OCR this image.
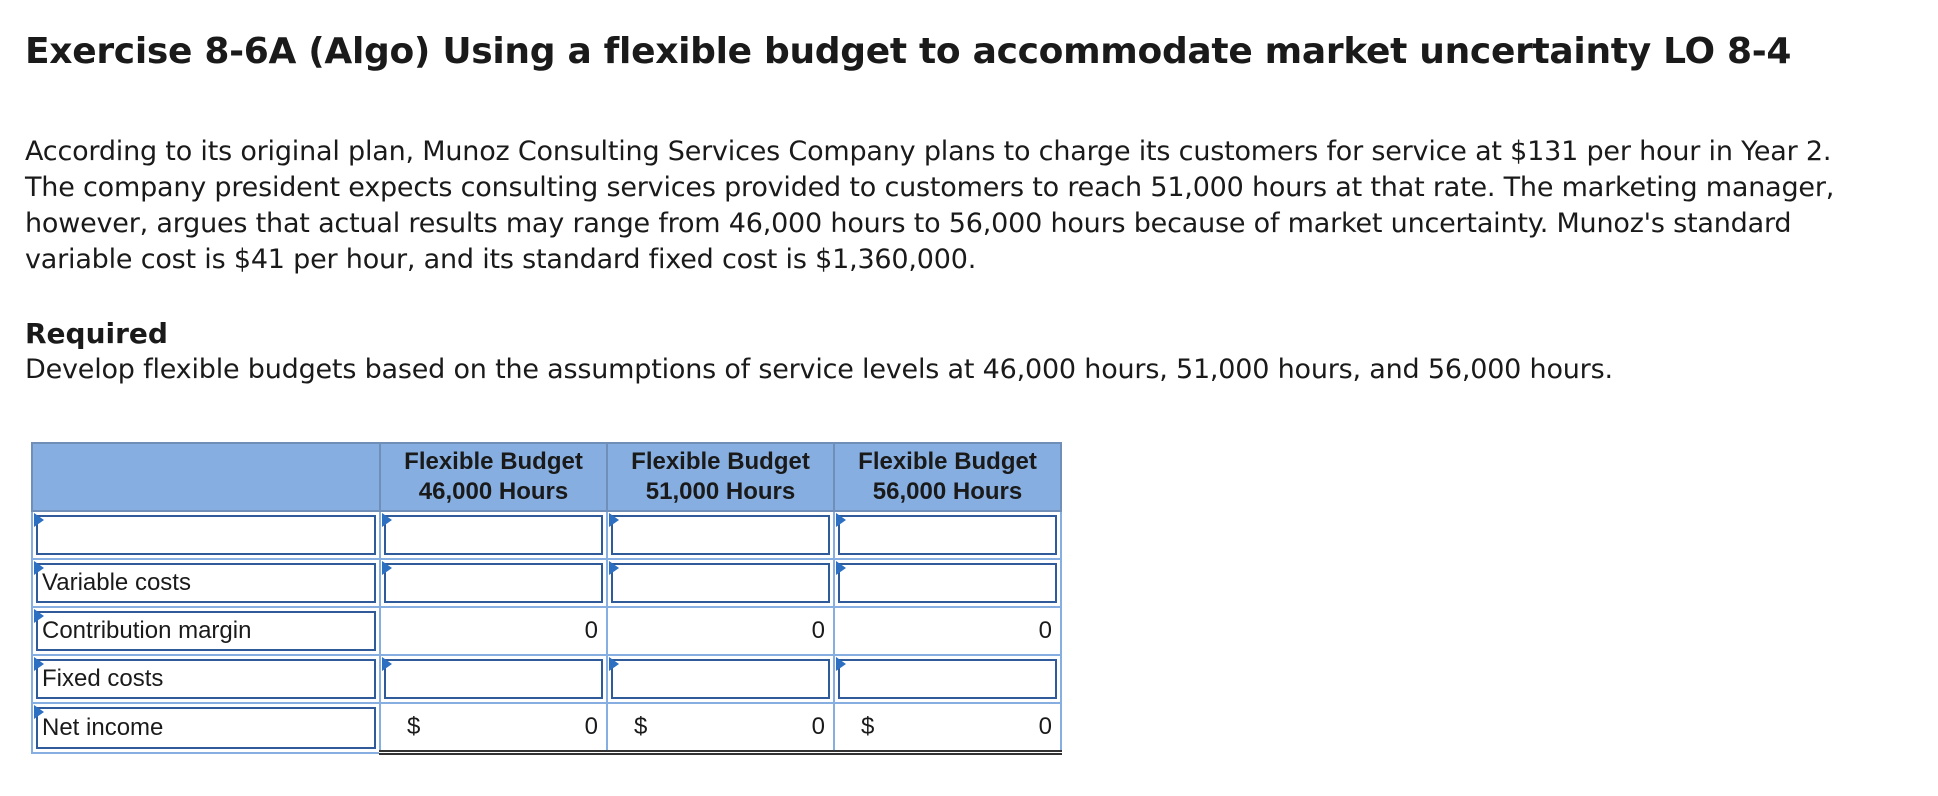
Exercise 8-6A (Algo) Using a flexible budget to accommodate market uncertainty LO 8-4

According to its original plan, Munoz Consulting Services Company plans to charge its customers for service at $131 per hour in Year 2.
The company president expects consulting services provided to customers to reach 51,000 hours at that rate. The marketing manager,
however, argues that actual results may range from 46,000 hours to 56,000 hours because of market uncertainty. Munoz's standard
variable cost is $41 per hour, and its standard fixed cost is $1,360,000.

Required

Develop flexible budgets based on the assumptions of service levels at 46,000 hours, 51,000 hours, and 56,000 hours.

	Flexible Budget
46,000 Hours	Flexible Budget
51,000 Hours	Flexible Budget
56,000 Hours

Variable costs			

Contribution margin	0	0	0

Fixed costs			

Net income	$ 0	$ 0	$ 0
